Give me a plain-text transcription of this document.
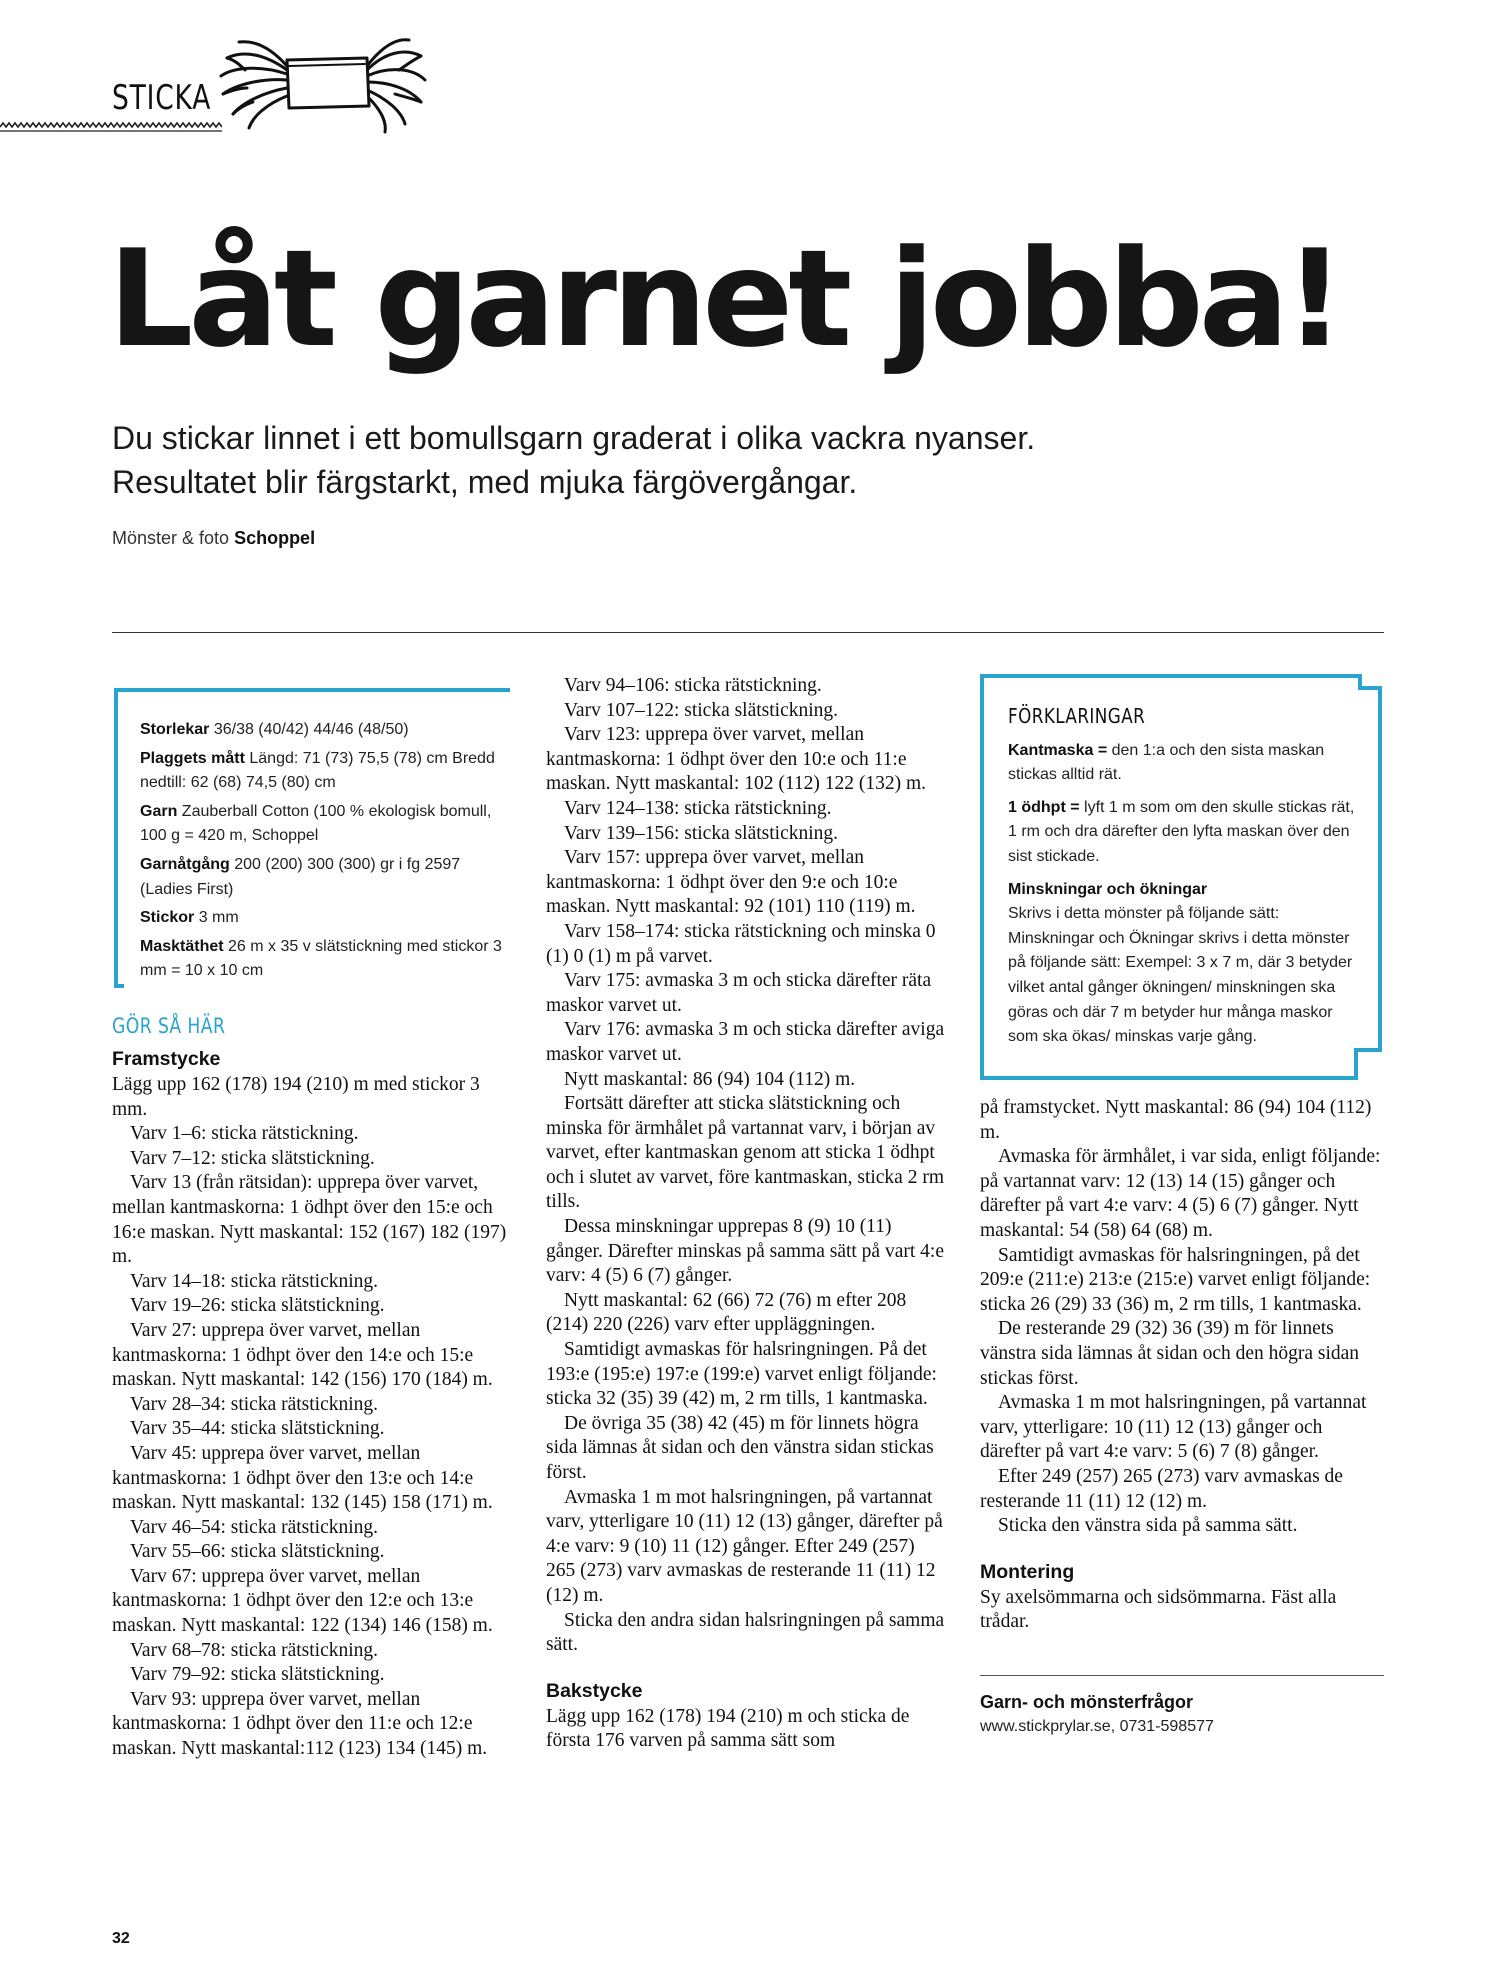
STICKA
Låt garnet jobba!

Du stickar linnet i ett bomullsgarn graderat i olika vackra nyanser.
Resultatet blir färgstarkt, med mjuka färgövergångar.

Mönster & foto Schoppel

Storlekar 36/38 (40/42) 44/46 (48/50)

Plaggets mått Längd: 71 (73) 75,5 (78) cm Bredd nedtill: 62 (68) 74,5 (80) cm

Garn Zauberball Cotton (100 % ekologisk bomull, 100 g = 420 m, Schoppel

Garnåtgång 200 (200) 300 (300) gr i fg 2597 (Ladies First)

Stickor 3 mm

Masktäthet 26 m x 35 v slätstickning med stickor 3 mm = 10 x 10 cm

GÖR SÅ HÄR
Framstycke

Lägg upp 162 (178) 194 (210) m med stickor 3 mm.

Varv 1–6: sticka rätstickning.

Varv 7–12: sticka slätstickning.

Varv 13 (från rätsidan): upprepa över varvet, mellan kantmaskorna: 1 ödhpt över den 15:e och 16:e maskan. Nytt maskantal: 152 (167) 182 (197) m.

Varv 14–18: sticka rätstickning.

Varv 19–26: sticka slätstickning.

Varv 27: upprepa över varvet, mellan kantmaskorna: 1 ödhpt över den 14:e och 15:e maskan. Nytt maskantal: 142 (156) 170 (184) m.

Varv 28–34: sticka rätstickning.

Varv 35–44: sticka slätstickning.

Varv 45: upprepa över varvet, mellan kantmaskorna: 1 ödhpt över den 13:e och 14:e maskan. Nytt maskantal: 132 (145) 158 (171) m.

Varv 46–54: sticka rätstickning.

Varv 55–66: sticka slätstickning.

Varv 67: upprepa över varvet, mellan kantmaskorna: 1 ödhpt över den 12:e och 13:e maskan. Nytt maskantal: 122 (134) 146 (158) m.

Varv 68–78: sticka rätstickning.

Varv 79–92: sticka slätstickning.

Varv 93: upprepa över varvet, mellan kantmaskorna: 1 ödhpt över den 11:e och 12:e maskan. Nytt maskantal:112 (123) 134 (145) m.

Varv 94–106: sticka rätstickning.

Varv 107–122: sticka slätstickning.

Varv 123: upprepa över varvet, mellan kantmaskorna: 1 ödhpt över den 10:e och 11:e maskan. Nytt maskantal: 102 (112) 122 (132) m.

Varv 124–138: sticka rätstickning.

Varv 139–156: sticka slätstickning.

Varv 157: upprepa över varvet, mellan kantmaskorna: 1 ödhpt över den 9:e och 10:e maskan. Nytt maskantal: 92 (101) 110 (119) m.

Varv 158–174: sticka rätstickning och minska 0 (1) 0 (1) m på varvet.

Varv 175: avmaska 3 m och sticka därefter räta maskor varvet ut.

Varv 176: avmaska 3 m och sticka därefter aviga maskor varvet ut.

Nytt maskantal: 86 (94) 104 (112) m.

Fortsätt därefter att sticka slätstickning och minska för ärmhålet på vartannat varv, i början av varvet, efter kantmaskan genom att sticka 1 ödhpt och i slutet av varvet, före kantmaskan, sticka 2 rm tills.

Dessa minskningar upprepas 8 (9) 10 (11) gånger. Därefter minskas på samma sätt på vart 4:e varv: 4 (5) 6 (7) gånger.

Nytt maskantal: 62 (66) 72 (76) m efter 208 (214) 220 (226) varv efter uppläggningen.

Samtidigt avmaskas för halsringningen. På det 193:e (195:e) 197:e (199:e) varvet enligt följande: sticka 32 (35) 39 (42) m, 2 rm tills, 1 kantmaska.

De övriga 35 (38) 42 (45) m för linnets högra sida lämnas åt sidan och den vänstra sidan stickas först.

Avmaska 1 m mot halsringningen, på vartannat varv, ytterligare 10 (11) 12 (13) gånger, därefter på 4:e varv: 9 (10) 11 (12) gånger. Efter 249 (257) 265 (273) varv avmaskas de resterande 11 (11) 12 (12) m.

Sticka den andra sidan halsringningen på samma sätt.

Bakstycke

Lägg upp 162 (178) 194 (210) m och sticka de första 176 varven på samma sätt som

FÖRKLARINGAR

Kantmaska = den 1:a och den sista maskan stickas alltid rät.

1 ödhpt = lyft 1 m som om den skulle stickas rät, 1 rm och dra därefter den lyfta maskan över den sist stickade.

Minskningar och ökningar
Skrivs i detta mönster på följande sätt: Minskningar och Ökningar skrivs i detta mönster på följande sätt: Exempel: 3 x 7 m, där 3 betyder vilket antal gånger ökningen/ minskningen ska göras och där 7 m betyder hur många maskor som ska ökas/ minskas varje gång.

på framstycket. Nytt maskantal: 86 (94) 104 (112) m.

Avmaska för ärmhålet, i var sida, enligt följande: på vartannat varv: 12 (13) 14 (15) gånger och därefter på vart 4:e varv: 4 (5) 6 (7) gånger. Nytt maskantal: 54 (58) 64 (68) m.

Samtidigt avmaskas för halsringningen, på det 209:e (211:e) 213:e (215:e) varvet enligt följande: sticka 26 (29) 33 (36) m, 2 rm tills, 1 kantmaska.

De resterande 29 (32) 36 (39) m för linnets vänstra sida lämnas åt sidan och den högra sidan stickas först.

Avmaska 1 m mot halsringningen, på vartannat varv, ytterligare: 10 (11) 12 (13) gånger och därefter på vart 4:e varv: 5 (6) 7 (8) gånger.

Efter 249 (257) 265 (273) varv avmaskas de resterande 11 (11) 12 (12) m.

Sticka den vänstra sida på samma sätt.

Montering

Sy axelsömmarna och sidsömmarna. Fäst alla trådar.

Garn- och mönsterfrågor

www.stickprylar.se, 0731-598577

32
